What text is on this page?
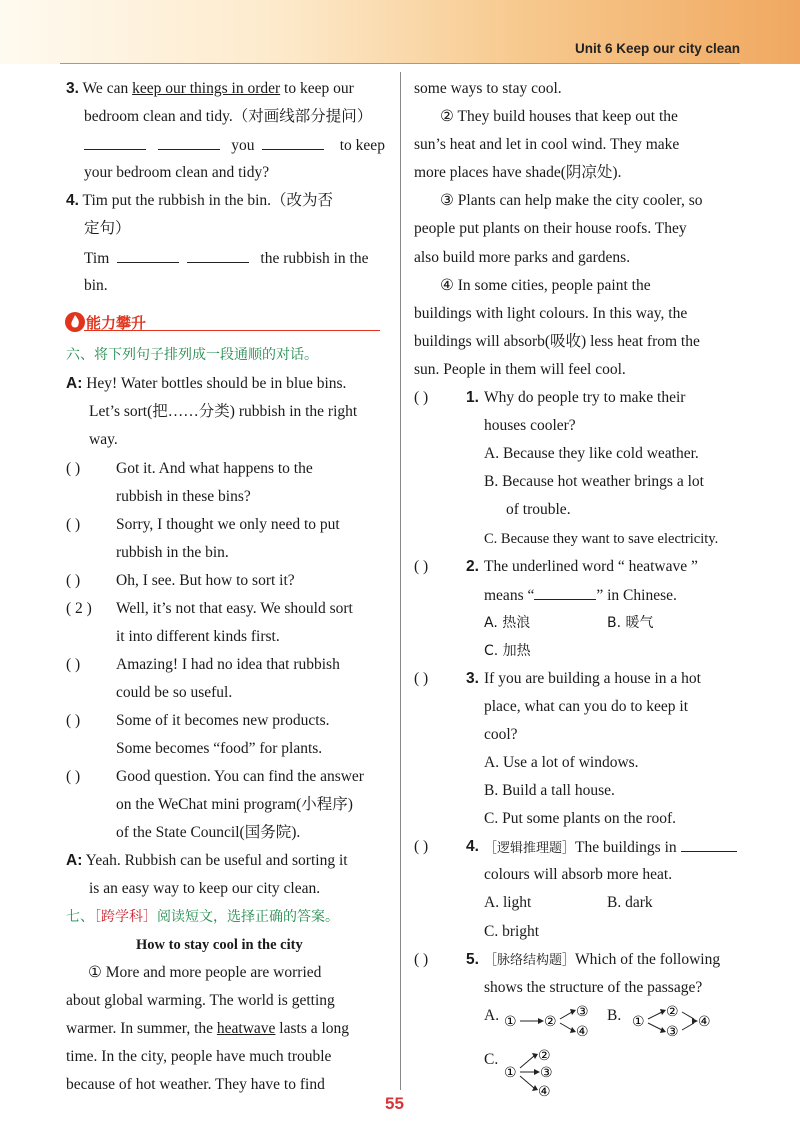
Unit 6 Keep our city clean
3. We can keep our things in order to keep our
bedroom clean and tidy.（对画线部分提问）
you	to keep
your bedroom clean and tidy?
4. Tim put the rubbish in the bin.（改为否
定句）
Tim	the rubbish in the
bin.
能力攀升
六、将下列句子排列成一段通顺的对话。
A: Hey! Water bottles should be in blue bins.
Let’s sort(把……分类) rubbish in the right
way.
( ) Got it. And what happens to the
rubbish in these bins?
( ) Sorry, I thought we only need to put
rubbish in the bin.
( ) Oh, I see. But how to sort it?
( 2 ) Well, it’s not that easy. We should sort
it into different kinds first.
( ) Amazing! I had no idea that rubbish
could be so useful.
( ) Some of it becomes new products.
Some becomes “food” for plants.
( ) Good question. You can find the answer
on the WeChat mini program(小程序)
of the State Council(国务院).
A: Yeah. Rubbish can be useful and sorting it
is an easy way to keep our city clean.
七、［跨学科］阅读短文，选择正确的答案。
How to stay cool in the city
① More and more people are worried
about global warming. The world is getting
warmer. In summer, the heatwave lasts a long
time. In the city, people have much trouble
because of hot weather. They have to find
some ways to stay cool.
② They build houses that keep out the
sun’s heat and let in cool wind. They make
more places have shade(阴凉处).
③ Plants can help make the city cooler, so
people put plants on their house roofs. They
also build more parks and gardens.
④ In some cities, people paint the
buildings with light colours. In this way, the
buildings will absorb(吸收) less heat from the
sun. People in them will feel cool.
( ) 1. Why do people try to make their
houses cooler?
A. Because they like cold weather.
B. Because hot weather brings a lot
of trouble.
C. Because they want to save electricity.
( ) 2. The underlined word “ heatwave ”
means “	” in Chinese.
A. 热浪	B. 暖气
C. 加热
( ) 3. If you are building a house in a hot
place, what can you do to keep it
cool?
A. Use a lot of windows.
B. Build a tall house.
C. Put some plants on the roof.
( ) 4. ［逻辑推理题］The buildings in
colours will absorb more heat.
A. light	B. dark
C. bright
( ) 5. ［脉络结构题］Which of the following
shows the structure of the passage?
A.	B.
C.
① ②
③
④
①
②
③
④
①
②
③
④
55
